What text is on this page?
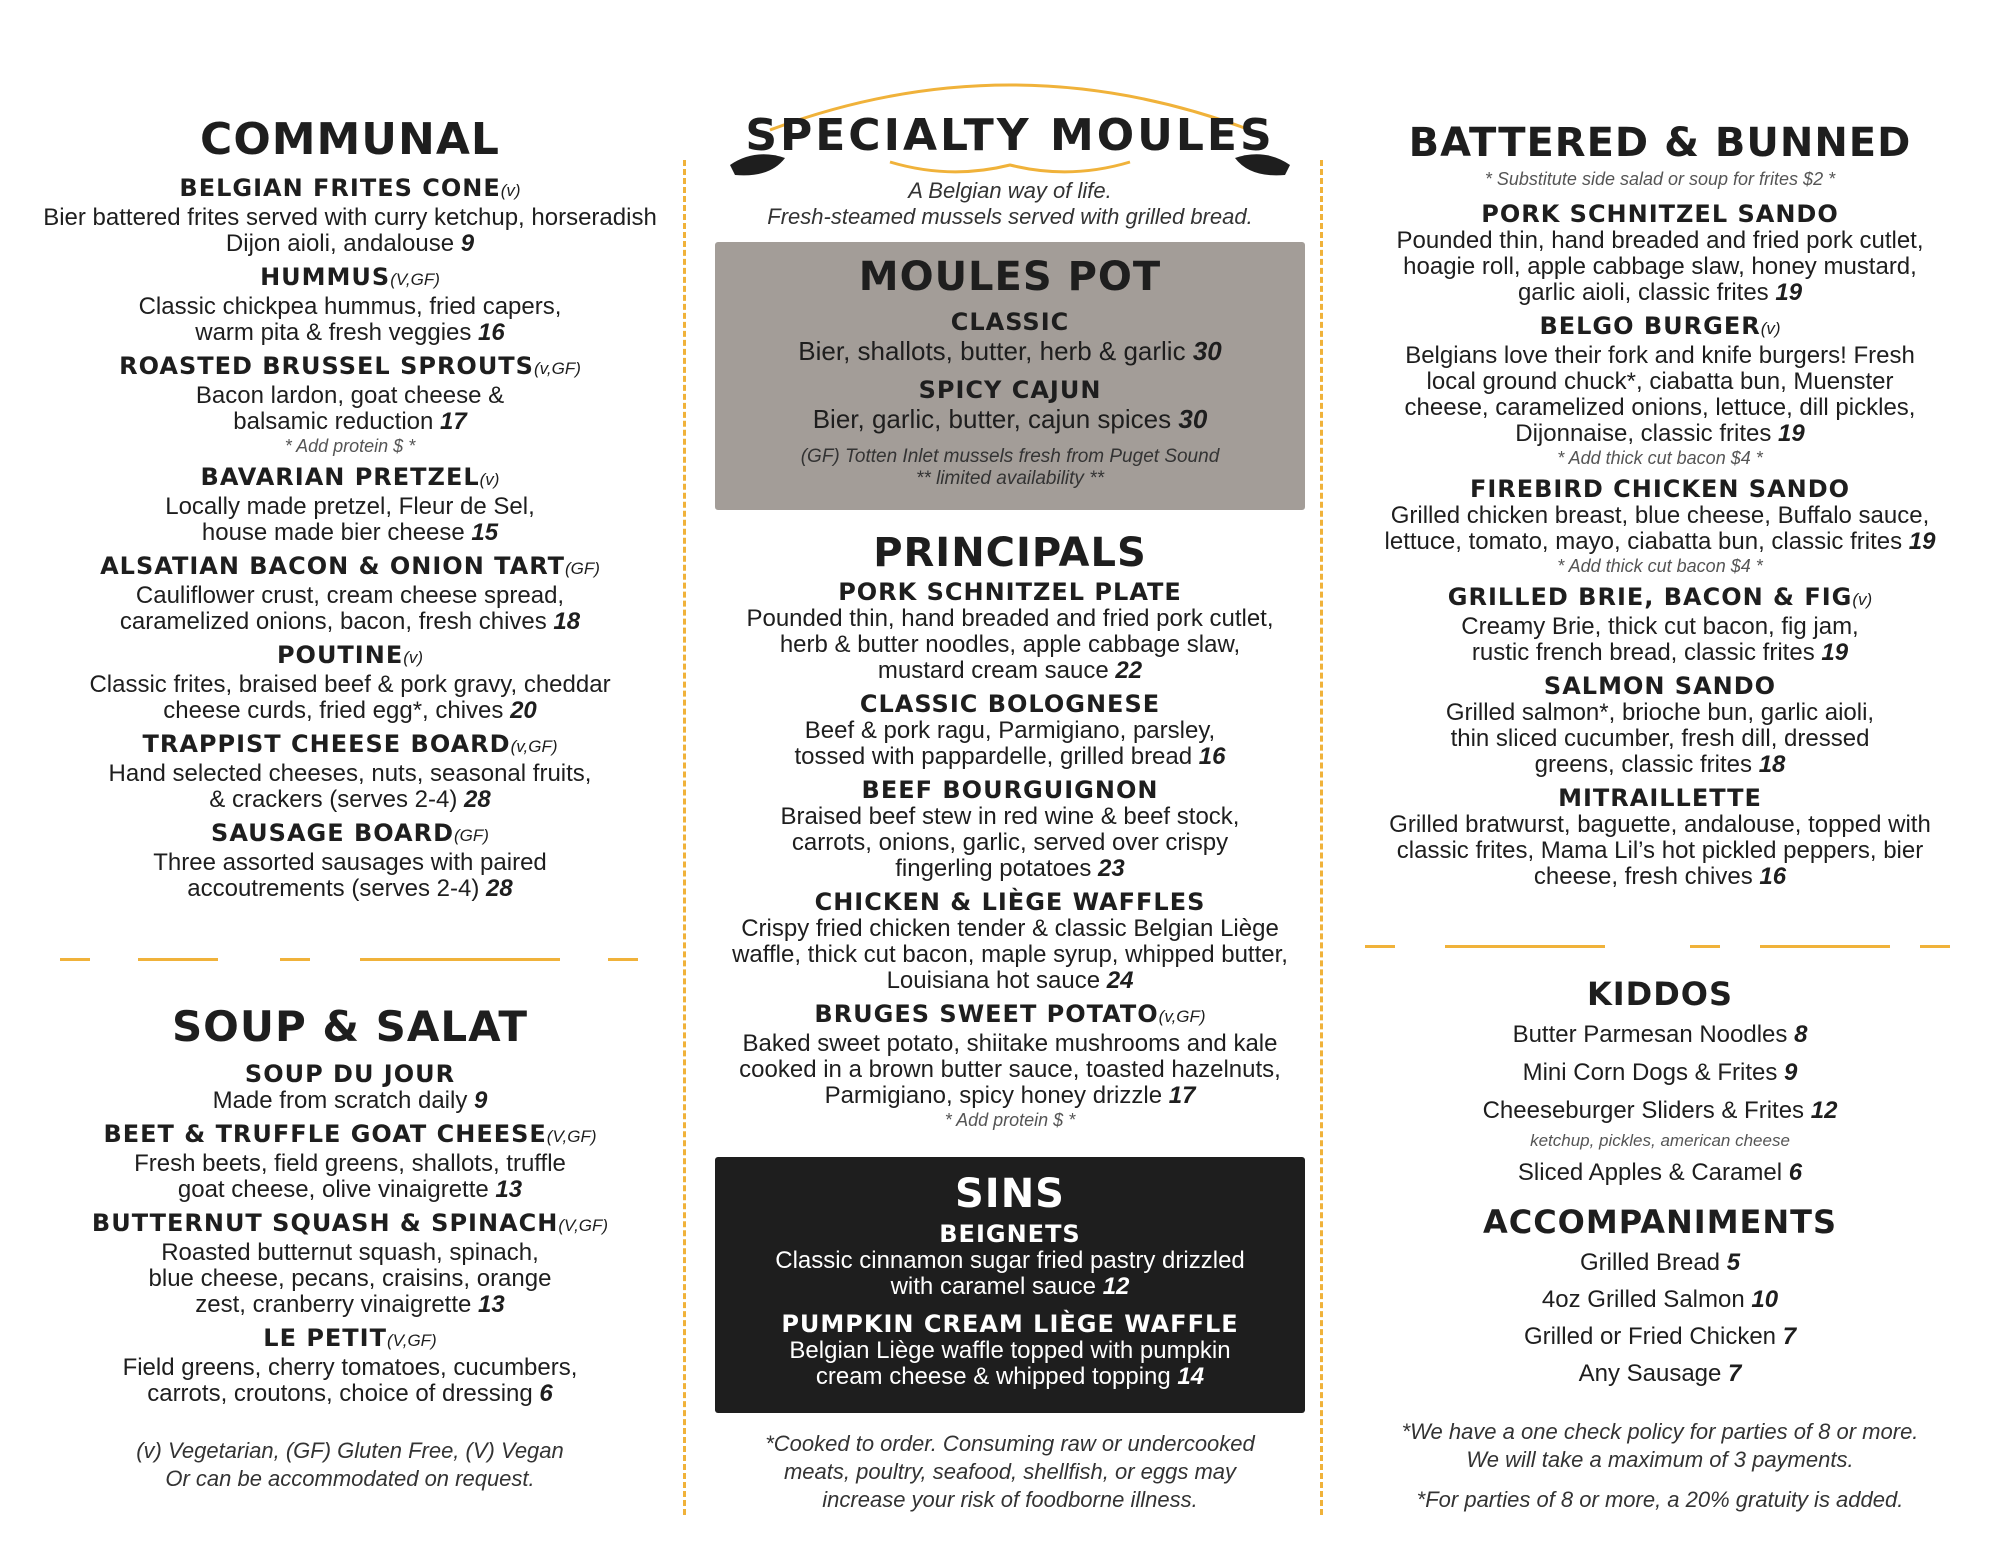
COMMUNAL
BELGIAN FRITES CONE(v)
Bier battered frites served with curry ketchup, horseradish Dijon aioli, andalouse 9
HUMMUS(V,GF)
Classic chickpea hummus, fried capers, warm pita & fresh veggies 16
ROASTED BRUSSEL SPROUTS(v,GF)
Bacon lardon, goat cheese & balsamic reduction 17
* Add protein $ *
BAVARIAN PRETZEL(v)
Locally made pretzel, Fleur de Sel, house made bier cheese 15
ALSATIAN BACON & ONION TART(GF)
Cauliflower crust, cream cheese spread, caramelized onions, bacon, fresh chives 18
POUTINE(v)
Classic frites, braised beef & pork gravy, cheddar cheese curds, fried egg*, chives 20
TRAPPIST CHEESE BOARD(v,GF)
Hand selected cheeses, nuts, seasonal fruits, & crackers (serves 2-4) 28
SAUSAGE BOARD(GF)
Three assorted sausages with paired accoutrements (serves 2-4) 28
SOUP & SALAT
SOUP DU JOUR
Made from scratch daily 9
BEET & TRUFFLE GOAT CHEESE(V,GF)
Fresh beets, field greens, shallots, truffle goat cheese, olive vinaigrette 13
BUTTERNUT SQUASH & SPINACH(V,GF)
Roasted butternut squash, spinach, blue cheese, pecans, craisins, orange zest, cranberry vinaigrette 13
LE PETIT(V,GF)
Field greens, cherry tomatoes, cucumbers, carrots, croutons, choice of dressing 6
(v) Vegetarian, (GF) Gluten Free, (V) Vegan
Or can be accommodated on request.
SPECIALTY MOULES
A Belgian way of life.
Fresh-steamed mussels served with grilled bread.
MOULES POT
CLASSIC
Bier, shallots, butter, herb & garlic 30
SPICY CAJUN
Bier, garlic, butter, cajun spices 30
(GF) Totten Inlet mussels fresh from Puget Sound
** limited availability **
PRINCIPALS
PORK SCHNITZEL PLATE
Pounded thin, hand breaded and fried pork cutlet, herb & butter noodles, apple cabbage slaw, mustard cream sauce 22
CLASSIC BOLOGNESE
Beef & pork ragu, Parmigiano, parsley, tossed with pappardelle, grilled bread 16
BEEF BOURGUIGNON
Braised beef stew in red wine & beef stock, carrots, onions, garlic, served over crispy fingerling potatoes 23
CHICKEN & LIÈGE WAFFLES
Crispy fried chicken tender & classic Belgian Liège waffle, thick cut bacon, maple syrup, whipped butter, Louisiana hot sauce 24
BRUGES SWEET POTATO(v,GF)
Baked sweet potato, shiitake mushrooms and kale cooked in a brown butter sauce, toasted hazelnuts, Parmigiano, spicy honey drizzle 17
* Add protein $ *
SINS
BEIGNETS
Classic cinnamon sugar fried pastry drizzled with caramel sauce 12
PUMPKIN CREAM LIÈGE WAFFLE
Belgian Liège waffle topped with pumpkin cream cheese & whipped topping 14
*Cooked to order. Consuming raw or undercooked
meats, poultry, seafood, shellfish, or eggs may
increase your risk of foodborne illness.
BATTERED & BUNNED
* Substitute side salad or soup for frites $2 *
PORK SCHNITZEL SANDO
Pounded thin, hand breaded and fried pork cutlet, hoagie roll, apple cabbage slaw, honey mustard, garlic aioli, classic frites 19
BELGO BURGER(v)
Belgians love their fork and knife burgers! Fresh local ground chuck*, ciabatta bun, Muenster cheese, caramelized onions, lettuce, dill pickles, Dijonnaise, classic frites 19
* Add thick cut bacon $4 *
FIREBIRD CHICKEN SANDO
Grilled chicken breast, blue cheese, Buffalo sauce, lettuce, tomato, mayo, ciabatta bun, classic frites 19
* Add thick cut bacon $4 *
GRILLED BRIE, BACON & FIG(v)
Creamy Brie, thick cut bacon, fig jam, rustic french bread, classic frites 19
SALMON SANDO
Grilled salmon*, brioche bun, garlic aioli, thin sliced cucumber, fresh dill, dressed greens, classic frites 18
MITRAILLETTE
Grilled bratwurst, baguette, andalouse, topped with classic frites, Mama Lil’s hot pickled peppers, bier cheese, fresh chives 16
KIDDOS
Butter Parmesan Noodles 8
Mini Corn Dogs & Frites 9
Cheeseburger Sliders & Frites 12
ketchup, pickles, american cheese
Sliced Apples & Caramel 6
ACCOMPANIMENTS
Grilled Bread 5
4oz Grilled Salmon 10
Grilled or Fried Chicken 7
Any Sausage 7
*We have a one check policy for parties of 8 or more.
We will take a maximum of 3 payments.
*For parties of 8 or more, a 20% gratuity is added.
